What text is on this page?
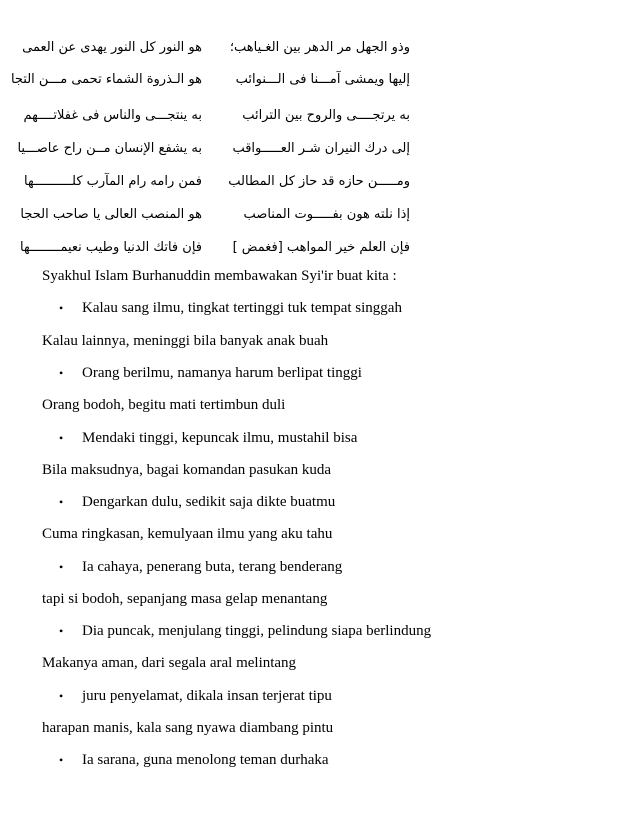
وذو الجهل مر الدهر بين الغـياهب؛
هو النور كل النور يهدى عن العمى
إليها ويمشى آمـــنا فى الـــنوائب
هو الـذروة الشماء تحمى مـــن التجا
به يرتجــــى والروح بين الترائب
به ينتجـــى والناس فى غفلاتــــهم
إلى درك النيران شـر العـــــواقب
به يشفع الإنسان مــن راح عاصـــيا
ومـــــن حازه قد حاز كل المطالب
فمن رامه رام المآرب كلــــــــــها
إذا نلته هون بفـــــوت المناصب
هو المنصب العالى يا صاحب الحجا
فإن العلم خير المواهب [فغمض ]
فإن فاتك الدنيا وطيب نعيمــــــــها
Syakhul Islam Burhanuddin membawakan Syi'ir buat kita :
• Kalau sang ilmu, tingkat tertinggi tuk tempat singgah
Kalau lainnya, meninggi bila banyak anak buah
• Orang berilmu, namanya harum berlipat tinggi
Orang bodoh, begitu mati tertimbun duli
• Mendaki tinggi, kepuncak ilmu, mustahil bisa
Bila maksudnya, bagai komandan pasukan kuda
• Dengarkan dulu, sedikit saja dikte buatmu
Cuma ringkasan, kemulyaan ilmu yang aku tahu
• Ia cahaya, penerang buta, terang benderang
tapi si bodoh, sepanjang masa gelap menantang
• Dia puncak, menjulang tinggi, pelindung siapa berlindung
Makanya aman, dari segala aral melintang
• juru penyelamat, dikala insan terjerat tipu
harapan manis, kala sang nyawa diambang pintu
• Ia sarana, guna menolong teman durhaka
